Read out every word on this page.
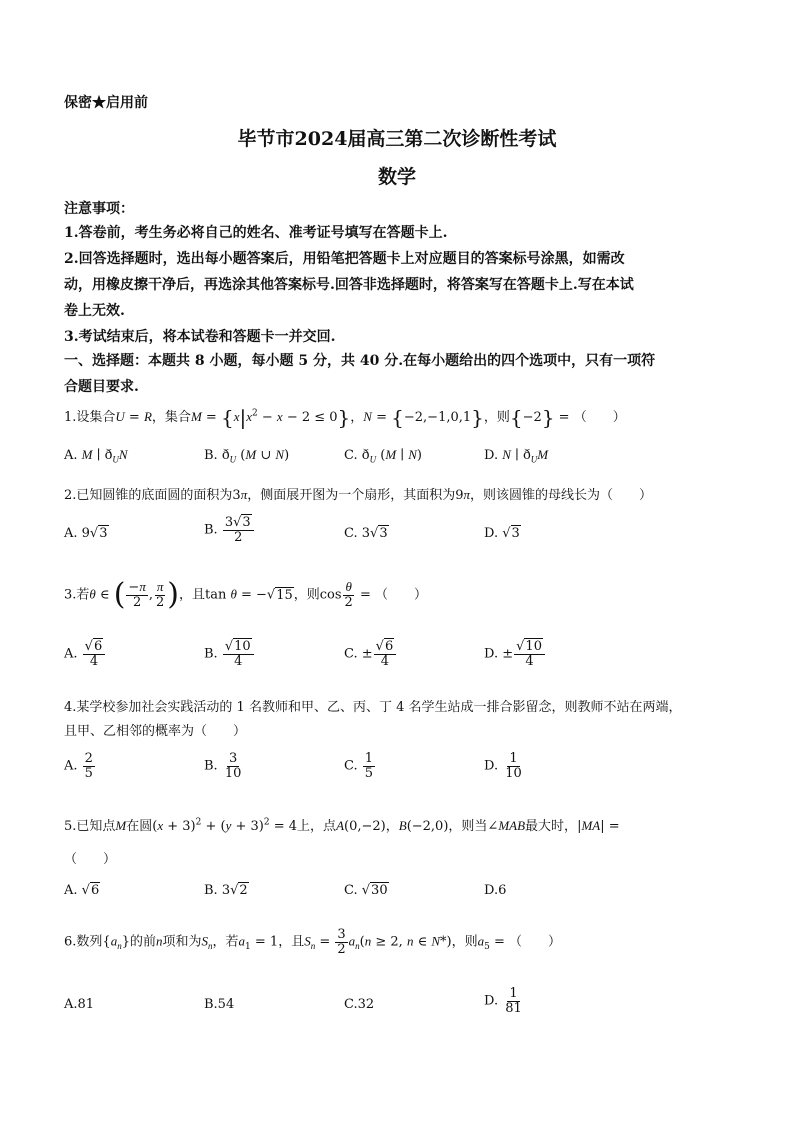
保密★启用前
毕节市2024届高三第二次诊断性考试
数学
注意事项：
1.答卷前，考生务必将自己的姓名、准考证号填写在答题卡上.
2.回答选择题时，选出每小题答案后，用铅笔把答题卡上对应题目的答案标号涂黑，如需改
动，用橡皮擦干净后，再选涂其他答案标号.回答非选择题时，将答案写在答题卡上.写在本试
卷上无效.
3.考试结束后，将本试卷和答题卡一并交回.
一、选择题：本题共 8 小题，每小题 5 分，共 40 分.在每小题给出的四个选项中，只有一项符
合题目要求.
1.设集合U = R，集合$M = \{x|x^2 - x - 2 \le 0\}$，N = {−2,−1,0,1}，则{−2} = （　　）
A. M ∣ $ð_UN$	B. $ð_U$ (M ∪ N)	C. $ð_U$ (M ∣ N)	D. N ∣ $ð_UM$
2.已知圆锥的底面圆的面积为3π，侧面展开图为一个扇形，其面积为9π，则该圆锥的母线长为（　　）
A. 9√3	B. $\frac{3√3}{2}$	C. 3√3	D. √3
3.若θ ∈ ( $\frac{-\pi}{2}$ , $\frac{\pi}{2}$ )，且tan θ = −√15，则$\cos \frac{\theta}{2}$ = （　　）
A. $\frac{√6}{4}$	B. $\frac{√10}{4}$	C. ± $\frac{√6}{4}$	D. ± $\frac{√10}{4}$
4.某学校参加社会实践活动的 1 名教师和甲、乙、丙、丁 4 名学生站成一排合影留念，则教师不站在两端，
且甲、乙相邻的概率为（　　）
A. $\frac{2}{5}$	B. $\frac{3}{10}$	C. $\frac{1}{5}$	D. $\frac{1}{10}$
5.已知点M在圆$(x + 3)^2 + (y + 3)^2 = 4$上，点A(0,−2)，B(−2,0)，则当∠MAB最大时，|MA| =
（　　）
A. √6	B. 3√2	C. √30	D.6
6.数列$\{a_n\}$的前n项和为$S_n$，若$a_1 = 1$，且$S_n = \frac{3}{2} a_n(n \ge 2$, n ∈ N*)，则$a_5$ = （　　）
A.81	B.54	C.32	D. $\frac{1}{81}$
